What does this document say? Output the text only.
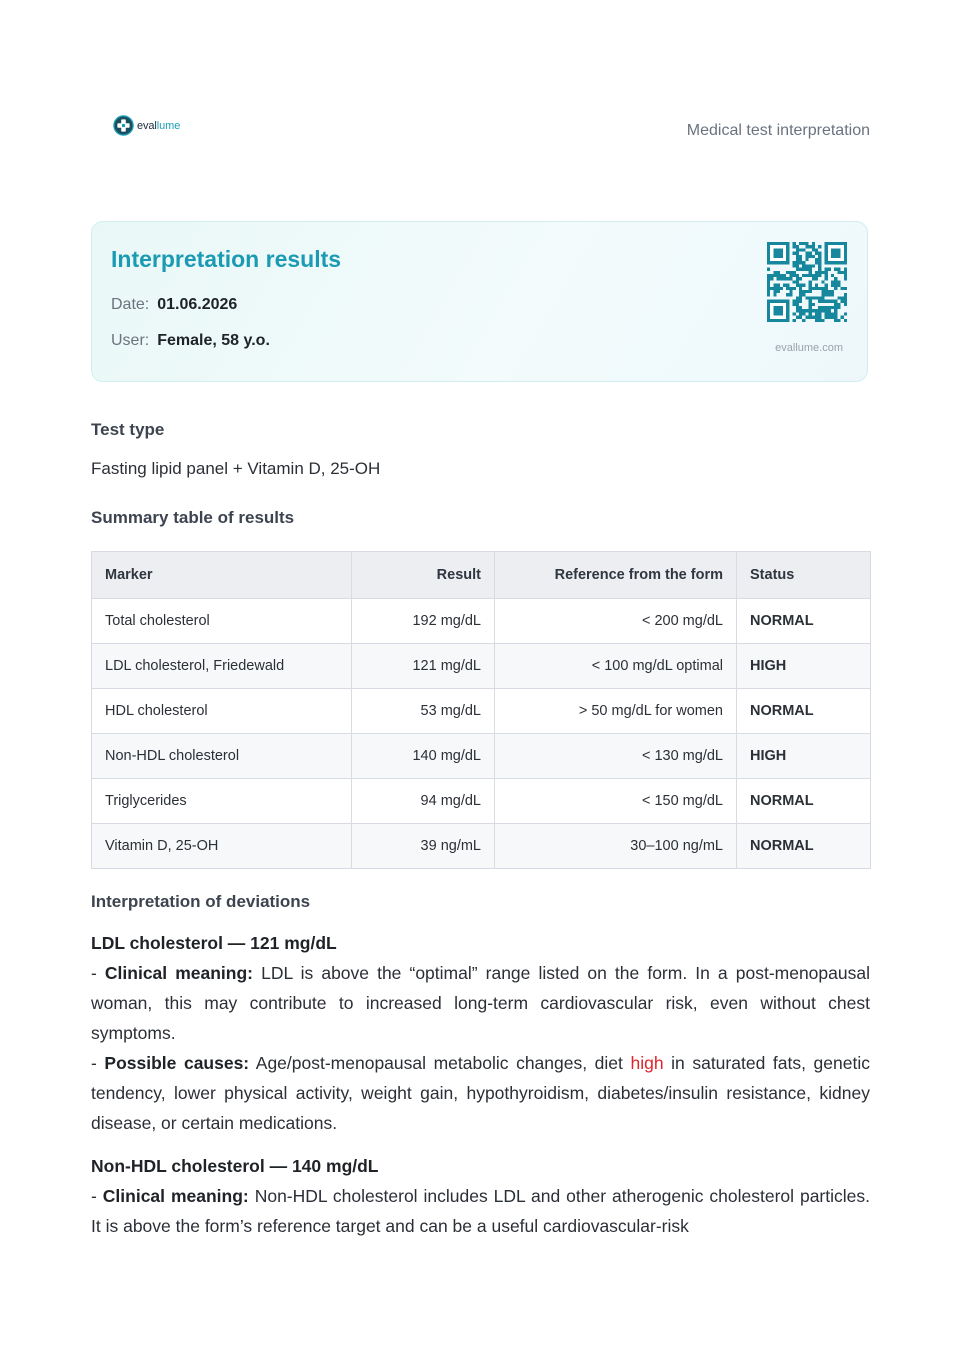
evallume	Medical test interpretation
Interpretation results
Date: 01.06.2026
User: Female, 58 y.o.	evallume.com
Test type
Fasting lipid panel + Vitamin D, 25-OH
Summary table of results
Marker	Result	Reference from the form	Status
Total cholesterol	192 mg/dL	< 200 mg/dL	NORMAL
LDL cholesterol, Friedewald	121 mg/dL	< 100 mg/dL optimal	HIGH
HDL cholesterol	53 mg/dL	> 50 mg/dL for women	NORMAL
Non-HDL cholesterol	140 mg/dL	< 130 mg/dL	HIGH
Triglycerides	94 mg/dL	< 150 mg/dL	NORMAL
Vitamin D, 25-OH	39 ng/mL	30–100 ng/mL	NORMAL
Interpretation of deviations

LDL cholesterol — 121 mg/dL

- Clinical meaning: LDL is above the “optimal” range listed on the form. In a post-menopausal woman, this may contribute to increased long-term cardiovascular risk, even without chest symptoms.

- Possible causes: Age/post-menopausal metabolic changes, diet high in saturated fats, genetic tendency, lower physical activity, weight gain, hypothyroidism, diabetes/insulin resistance, kidney disease, or certain medications.

Non-HDL cholesterol — 140 mg/dL

- Clinical meaning: Non-HDL cholesterol includes LDL and other atherogenic cholesterol particles. It is above the form’s reference target and can be a useful cardiovascular-risk
